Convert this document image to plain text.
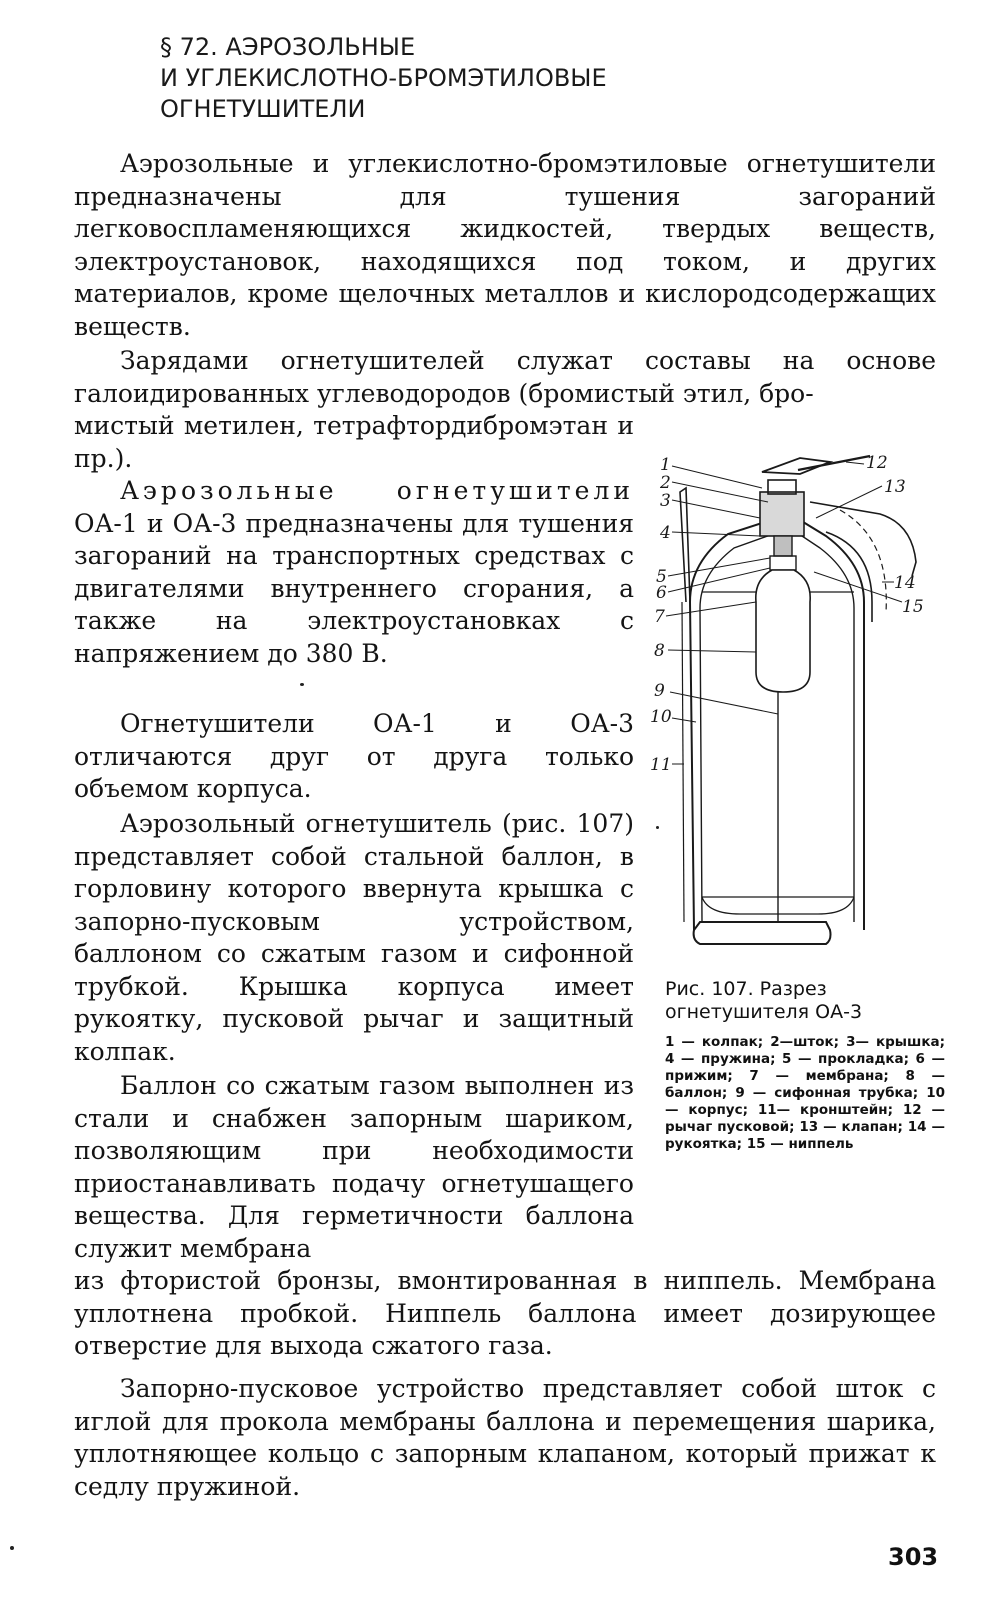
§ 72. АЭРОЗОЛЬНЫЕ
И УГЛЕКИСЛОТНО-БРОМЭТИЛОВЫЕ
ОГНЕТУШИТЕЛИ

Аэрозольные и углекислотно-бромэтиловые огнетушители предназначены для тушения загораний легковоспламеняющихся жидкостей, твердых веществ, электроустановок, находящихся под током, и других материалов, кроме щелочных металлов и кислородсодержащих веществ.

Зарядами огнетушителей служат составы на основе галоидированных углеводородов (бромистый этил, бро-

мистый метилен, тетрафтордибромэтан и пр.).

Аэрозольные огнетушители ОА-1 и ОА-3 предназначены для тушения загораний на транспортных средствах с двигателями внутреннего сгорания, а также на электроустановках с напряжением до 380 В.

Огнетушители ОА-1 и ОА-3 отличаются друг от друга только объемом корпуса.

Аэрозольный огнетушитель (рис. 107) представляет собой стальной баллон, в горловину которого ввернута крышка с запорно-пусковым устройством, баллоном со сжатым газом и сифонной трубкой. Крышка корпуса имеет рукоятку, пусковой рычаг и защитный колпак.

Баллон со сжатым газом выполнен из стали и снабжен запорным шариком, позволяющим при необходимости приостанавливать подачу огнетушащего вещества. Для герметичности баллона служит мембрана

из фтористой бронзы, вмонтированная в ниппель. Мембрана уплотнена пробкой. Ниппель баллона имеет дозирующее отверстие для выхода сжатого газа.

Запорно-пусковое устройство представляет собой шток с иглой для прокола мембраны баллона и перемещения шарика, уплотняющее кольцо с запорным клапаном, который прижат к седлу пружиной.

1
2
3
4
5
6
7
8
9
10
11
12
13
14
15
Рис. 107. Разрез огнетушителя ОА-3
1 — колпак; 2—шток; 3— крышка; 4 — пружина; 5 — прокладка; 6 — прижим; 7 — мембрана; 8 — баллон; 9 — сифонная трубка; 10 — корпус; 11— кронштейн; 12 — рычаг пусковой; 13 — клапан; 14 — рукоятка; 15 — ниппель
303
